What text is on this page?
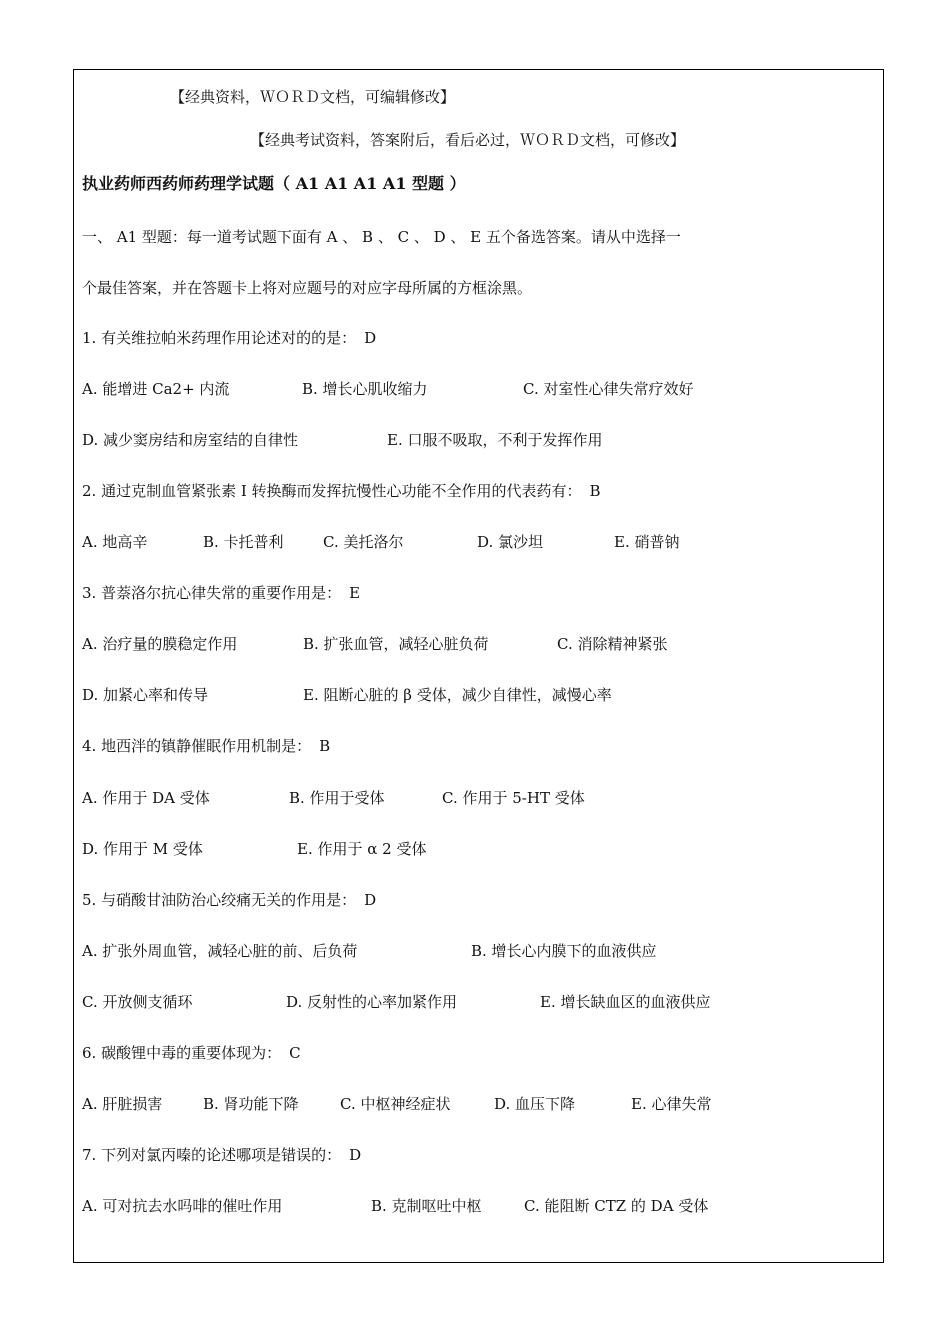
【经典资料，ＷＯＲＤ文档，可编辑修改】
【经典考试资料，答案附后，看后必过，ＷＯＲＤ文档，可修改】
执业药师西药师药理学试题（ A1 A1 A1 A1 型题 ）
一、 A1 型题：每一道考试题下面有 A 、 B 、 C 、 D 、 E 五个备选答案。请从中选择一
个最佳答案，并在答题卡上将对应题号的对应字母所属的方框涂黑。
1. 有关维拉帕米药理作用论述对的的是： D
A. 能增进 Ca2+ 内流	B. 增长心肌收缩力	C. 对室性心律失常疗效好
D. 减少窦房结和房室结的自律性	E. 口服不吸取，不利于发挥作用
2. 通过克制血管紧张素 I 转换酶而发挥抗慢性心功能不全作用的代表药有： B
A. 地高辛	B. 卡托普利	C. 美托洛尔	D. 氯沙坦	E. 硝普钠
3. 普萘洛尔抗心律失常的重要作用是： E
A. 治疗量的膜稳定作用	B. 扩张血管，减轻心脏负荷	C. 消除精神紧张
D. 加紧心率和传导	E. 阻断心脏的 β 受体，减少自律性，减慢心率
4. 地西泮的镇静催眠作用机制是： B
A. 作用于 DA 受体	B. 作用于受体	C. 作用于 5-HT 受体
D. 作用于 M 受体	E. 作用于 α 2 受体
5. 与硝酸甘油防治心绞痛无关的作用是： D
A. 扩张外周血管，减轻心脏的前、后负荷	B. 增长心内膜下的血液供应
C. 开放侧支循环	D. 反射性的心率加紧作用	E. 增长缺血区的血液供应
6. 碳酸锂中毒的重要体现为： C
A. 肝脏损害	B. 肾功能下降	C. 中枢神经症状	D. 血压下降	E. 心律失常
7. 下列对氯丙嗪的论述哪项是错误的： D
A. 可对抗去水吗啡的催吐作用	B. 克制呕吐中枢	C. 能阻断 CTZ 的 DA 受体
